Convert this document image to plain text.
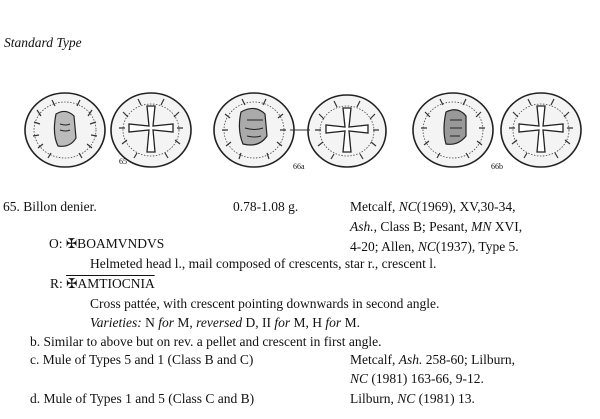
Standard Type
65
66a	66b
65. Billon denier.	0.78-1.08 g.	Metcalf, NC(1969), XV,30-34,
Ash., Class B; Pesant, MN XVI,
4-20; Allen, NC(1937), Type 5.
O: ✠BOAMVNDVS
Helmeted head l., mail composed of crescents, star r., crescent l.
R: ✠AMTIOCNIA
Cross pattée, with crescent pointing downwards in second angle.
Varieties: N for M, reversed D, II for M, H for M.
b. Similar to above but on rev. a pellet and crescent in first angle.
c. Mule of Types 5 and 1 (Class B and C)	Metcalf, Ash. 258-60; Lilburn,
NC (1981) 163-66, 9-12.
d. Mule of Types 1 and 5 (Class C and B)	Lilburn, NC (1981) 13.
